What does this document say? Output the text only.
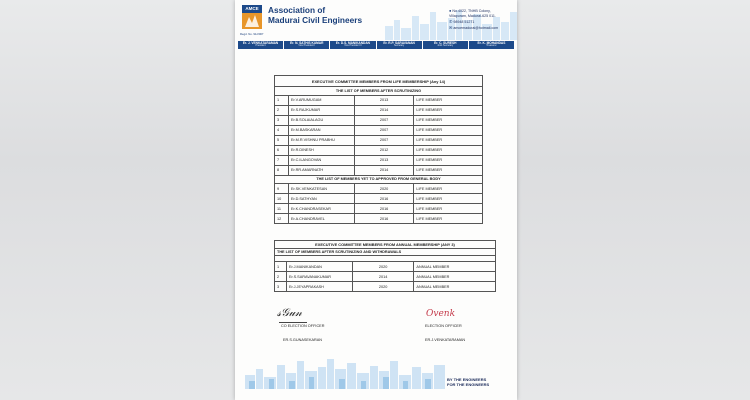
AMCE
Regd. No. 91/2007
Association of
Madurai Civil Engineers
●No.4022, TNHB Colony,
Villapuram, Madurai-625 011.
✆98948 51271
✉amcemadurai@hotmail.com
Er. J. VENKATARAMAN
President
Er. N. SATHIS KUMAR
Vice President I
Er. D.S. MANIKANDAN
Vice President II
Er. R.P. SARAVANAN
Secretary
Er. C. SURESH
Joint Secretary
Er. K. MOHANDAS
Treasurer
EXECUTIVE COMMITTEE MEMBERS FROM LIFE MEMBERSHIP (Any 14)			
THE LIST OF MEMBERS AFTER SCRUTINIZING			
1	Er.V.ARUMUGAM	2013	LIFE MEMBER
2	Er.S.RAJKUMAR	2014	LIFE MEMBER
3	Er.B.SOLAIALAGU	2007	LIFE MEMBER
4	Er.M.BASKARAN	2007	LIFE MEMBER
5	Er.M.R.VISHNU PRABHU	2007	LIFE MEMBER
6	Er.R.DINESH	2012	LIFE MEMBER
7	Er.C.ILANGOVAN	2013	LIFE MEMBER
8	Er.RR.AMARNATH	2014	LIFE MEMBER
THE LIST OF MEMBERS YET TO APPROVED FROM GENERAL BODY			
9	Er.SK.VENKATESAN	2020	LIFE MEMBER
10	Er.D.SATHYAN	2016	LIFE MEMBER
11	Er.K.CHANDRASEKAR	2016	LIFE MEMBER
12	Er.A.CHANDRAVEL	2016	LIFE MEMBER
EXECUTIVE COMMITTEE MEMBERS FROM ANNUAL MEMBERSHIP (ANY 3)			
THE LIST OF MEMBERS AFTER SCRUTINIZING AND WITHDRAWALS			

1	Er.J.MANIKANDAN	2020	ANNUAL MEMBER
2	Er.S.SARAVANAKUMAR	2014	ANNUAL MEMBER
3	Er.J.JEYAPRAKASH	2020	ANNUAL MEMBER
𝓈𝒢𝓊𝓃
CO ELECTION OFFICER
ER.S.GUNASEKARAN
Ovenk
ELECTION OFFICER
ER.J.VENKATARAMAN
BY THE ENGINEERS
FOR THE ENGINEERS
